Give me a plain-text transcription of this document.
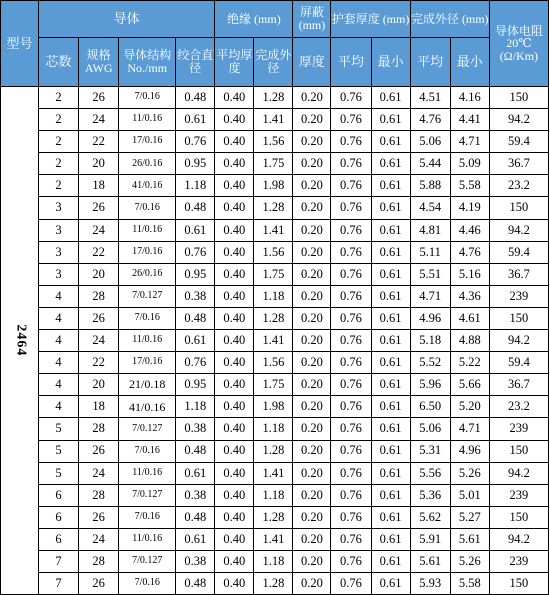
型号	导体				绝缘 (mm)		屏蔽 (mm)	护套厚度 (mm)		完成外径 (mm)		导体电阻 20℃ (Ω/Km)
	芯数	规格 AWG	导体结构 No./mm	绞合直径	平均厚度	完成外径	厚度	平均	最小	平均	最小	
2464	2	26	7/0.16	0.48	0.40	1.28	0.20	0.76	0.61	4.51	4.16	150
	2	24	11/0.16	0.61	0.40	1.41	0.20	0.76	0.61	4.76	4.41	94.2
	2	22	17/0.16	0.76	0.40	1.56	0.20	0.76	0.61	5.06	4.71	59.4
	2	20	26/0.16	0.95	0.40	1.75	0.20	0.76	0.61	5.44	5.09	36.7
	2	18	41/0.16	1.18	0.40	1.98	0.20	0.76	0.61	5.88	5.58	23.2
	3	26	7/0.16	0.48	0.40	1.28	0.20	0.76	0.61	4.54	4.19	150
	3	24	11/0.16	0.61	0.40	1.41	0.20	0.76	0.61	4.81	4.46	94.2
	3	22	17/0.16	0.76	0.40	1.56	0.20	0.76	0.61	5.11	4.76	59.4
	3	20	26/0.16	0.95	0.40	1.75	0.20	0.76	0.61	5.51	5.16	36.7
	4	28	7/0.127	0.38	0.40	1.18	0.20	0.76	0.61	4.71	4.36	239
	4	26	7/0.16	0.48	0.40	1.28	0.20	0.76	0.61	4.96	4.61	150
	4	24	11/0.16	0.61	0.40	1.41	0.20	0.76	0.61	5.18	4.88	94.2
	4	22	17/0.16	0.76	0.40	1.56	0.20	0.76	0.61	5.52	5.22	59.4
	4	20	21/0.18	0.95	0.40	1.75	0.20	0.76	0.61	5.96	5.66	36.7
	4	18	41/0.16	1.18	0.40	1.98	0.20	0.76	0.61	6.50	5.20	23.2
	5	28	7/0.127	0.38	0.40	1.18	0.20	0.76	0.61	5.06	4.71	239
	5	26	7/0.16	0.48	0.40	1.28	0.20	0.76	0.61	5.31	4.96	150
	5	24	11/0.16	0.61	0.40	1.41	0.20	0.76	0.61	5.56	5.26	94.2
	6	28	7/0.127	0.38	0.40	1.18	0.20	0.76	0.61	5.36	5.01	239
	6	26	7/0.16	0.48	0.40	1.28	0.20	0.76	0.61	5.62	5.27	150
	6	24	11/0.16	0.61	0.40	1.41	0.20	0.76	0.61	5.91	5.61	94.2
	7	28	7/0.127	0.38	0.40	1.18	0.20	0.76	0.61	5.61	5.26	239
	7	26	7/0.16	0.48	0.40	1.28	0.20	0.76	0.61	5.93	5.58	150
